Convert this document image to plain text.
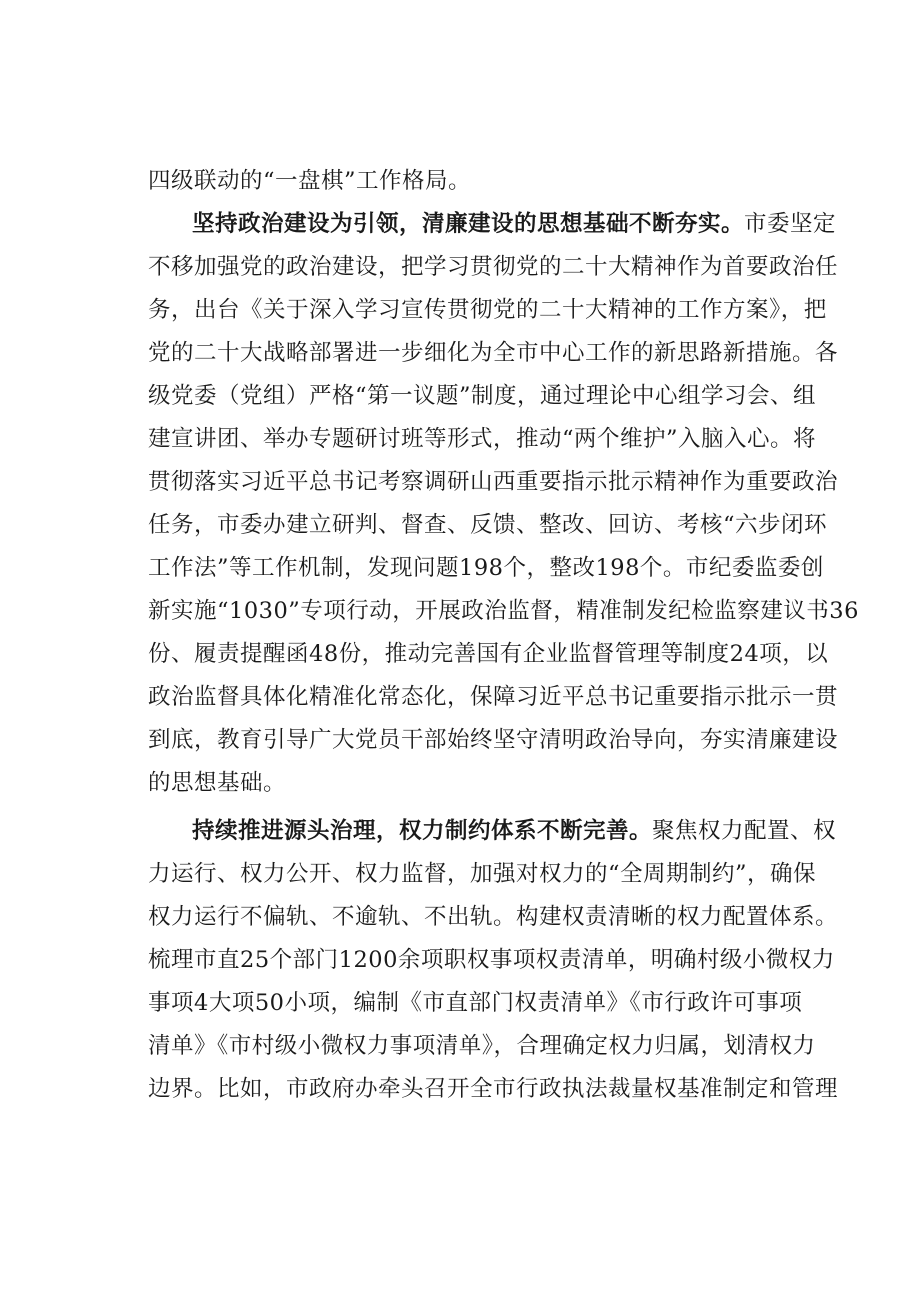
四级联动的“一盘棋”工作格局。
坚持政治建设为引领，清廉建设的思想基础不断夯实。市委坚定
不移加强党的政治建设，把学习贯彻党的二十大精神作为首要政治任
务，出台《关于深入学习宣传贯彻党的二十大精神的工作方案》，把
党的二十大战略部署进一步细化为全市中心工作的新思路新措施。各
级党委（党组）严格“第一议题”制度，通过理论中心组学习会、组
建宣讲团、举办专题研讨班等形式，推动“两个维护”入脑入心。将
贯彻落实习近平总书记考察调研山西重要指示批示精神作为重要政治
任务，市委办建立研判、督查、反馈、整改、回访、考核“六步闭环
工作法”等工作机制，发现问题198个，整改198个。市纪委监委创
新实施“1030”专项行动，开展政治监督，精准制发纪检监察建议书36
份、履责提醒函48份，推动完善国有企业监督管理等制度24项，以
政治监督具体化精准化常态化，保障习近平总书记重要指示批示一贯
到底，教育引导广大党员干部始终坚守清明政治导向，夯实清廉建设
的思想基础。
持续推进源头治理，权力制约体系不断完善。聚焦权力配置、权
力运行、权力公开、权力监督，加强对权力的“全周期制约”，确保
权力运行不偏轨、不逾轨、不出轨。构建权责清晰的权力配置体系。
梳理市直25个部门1200余项职权事项权责清单，明确村级小微权力
事项4大项50小项，编制《市直部门权责清单》《市行政许可事项
清单》《市村级小微权力事项清单》，合理确定权力归属，划清权力
边界。比如，市政府办牵头召开全市行政执法裁量权基准制定和管理
